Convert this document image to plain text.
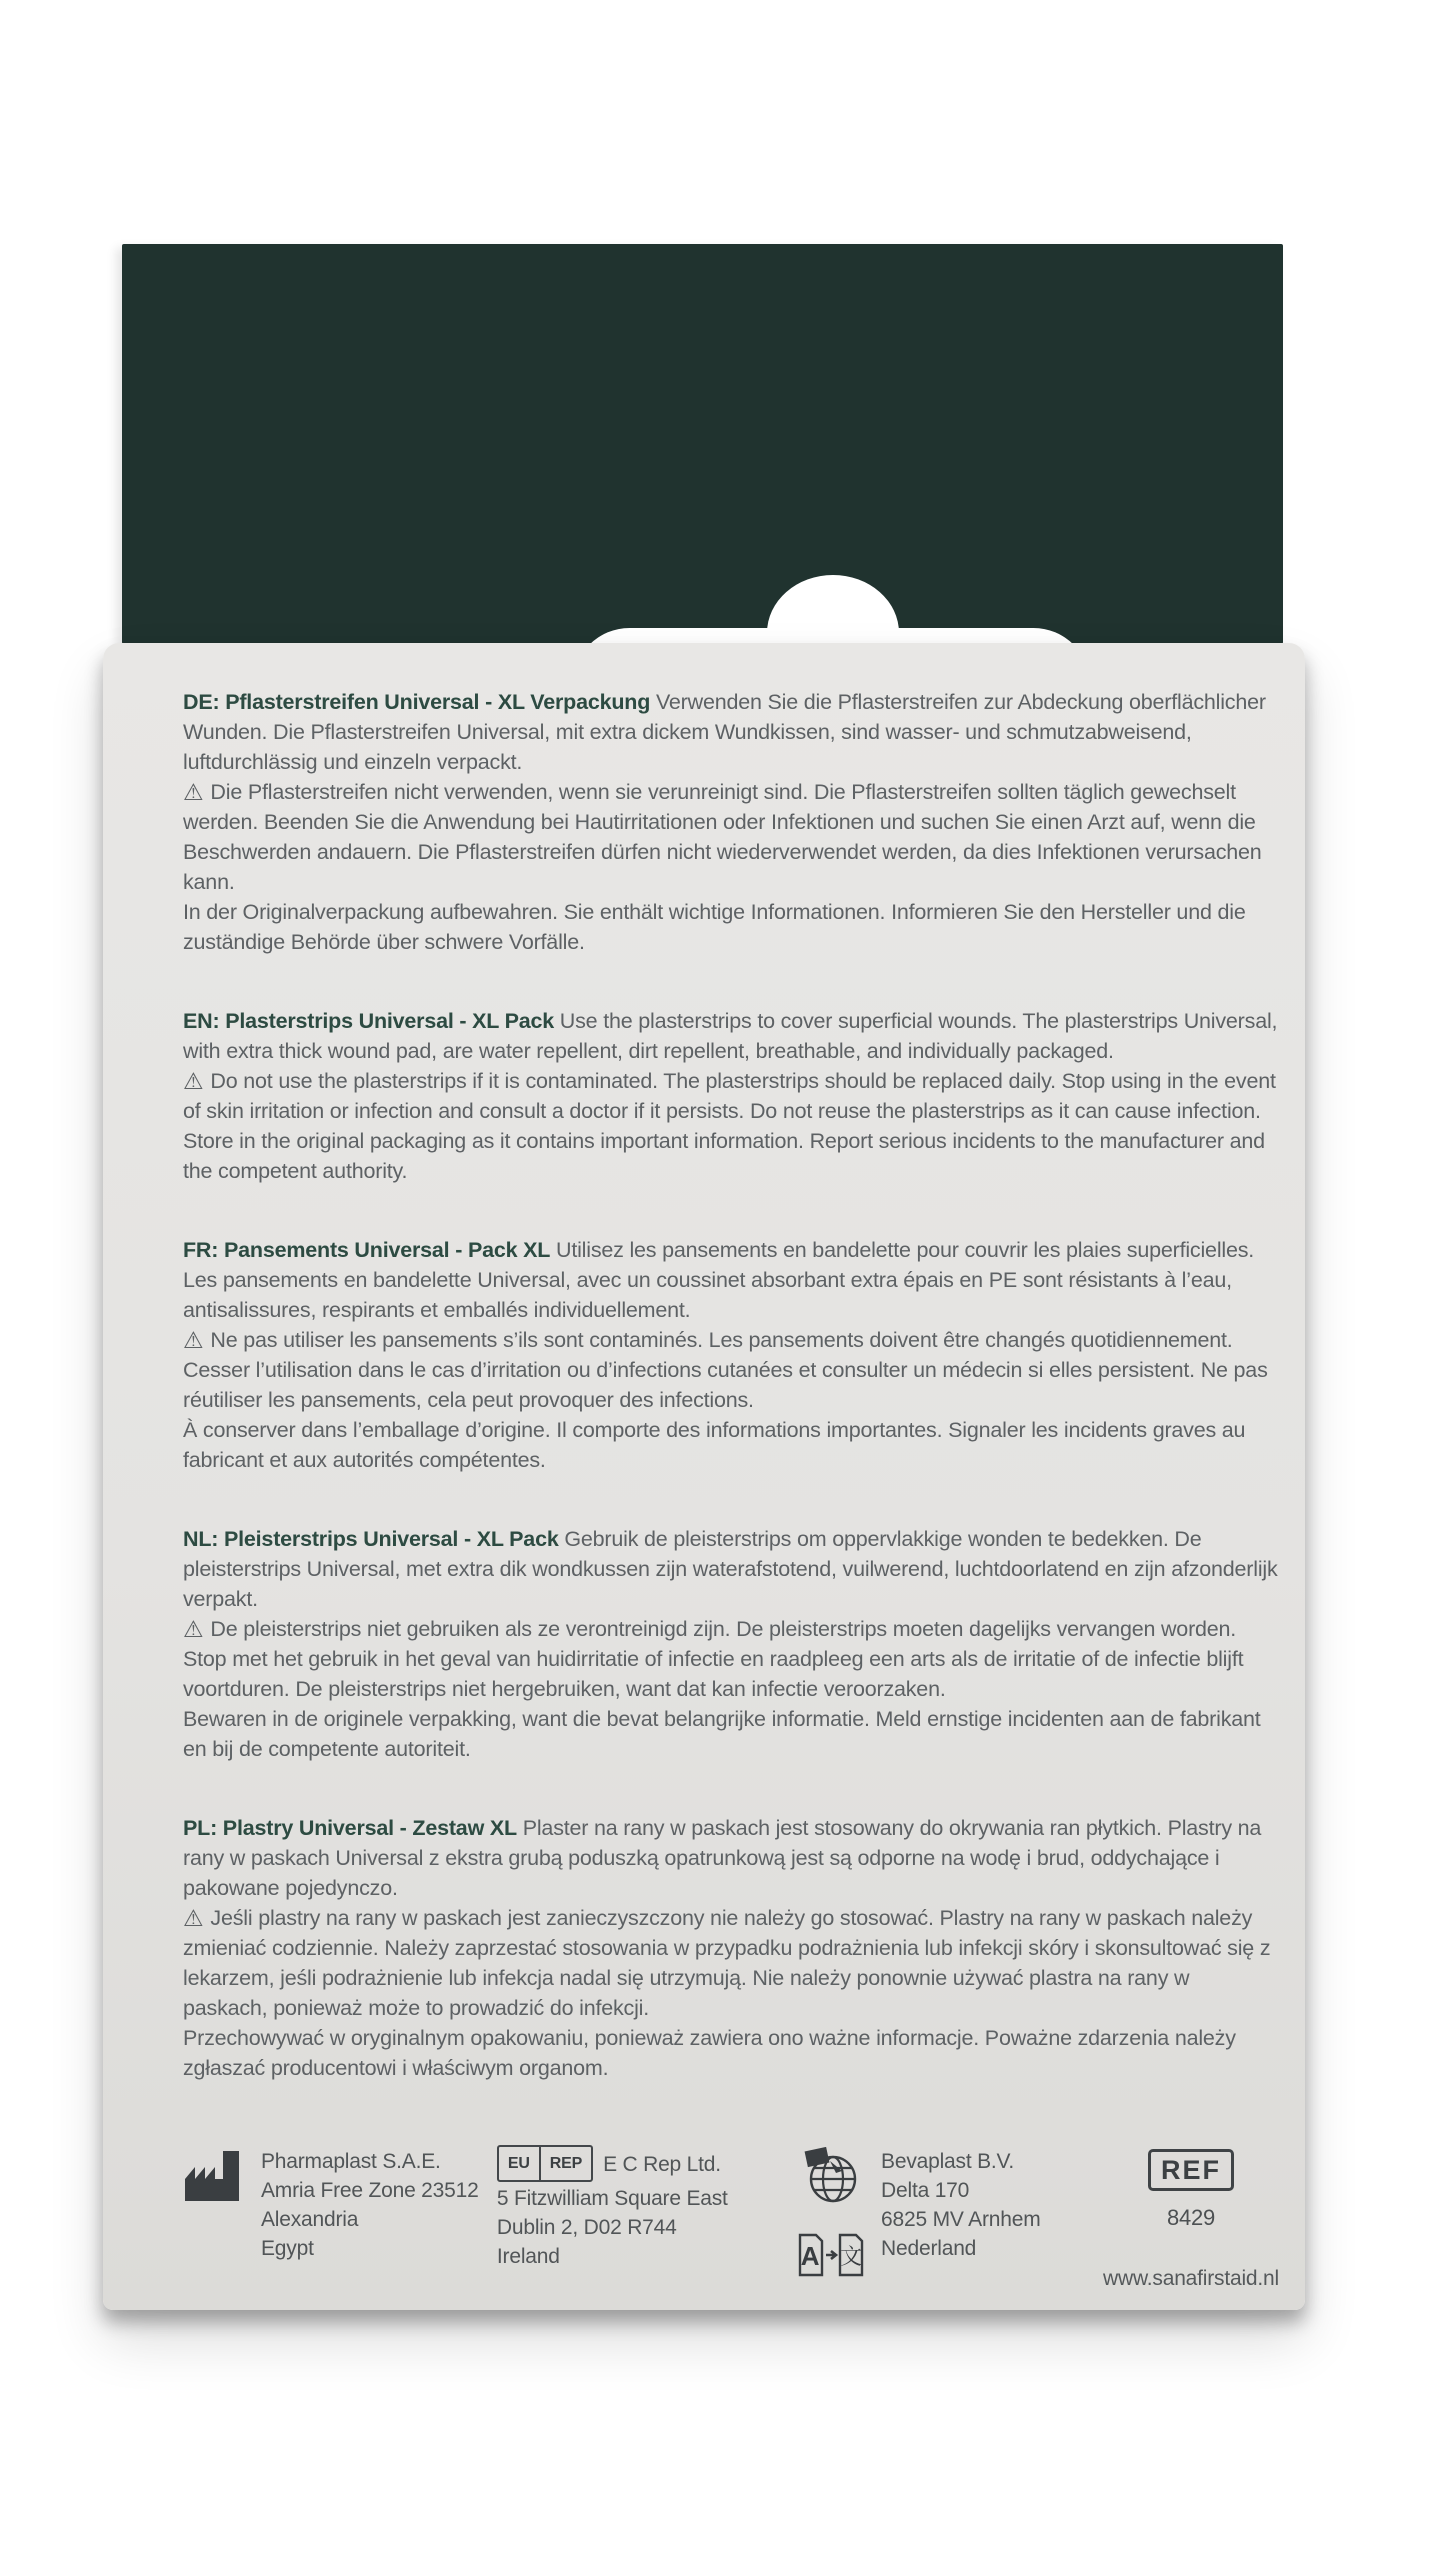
DE: Pflasterstreifen Universal - XL Verpackung Verwenden Sie die Pflasterstreifen zur Abdeckung oberflächlicher Wunden. Die Pflasterstreifen Universal, mit extra dickem Wundkissen, sind wasser- und schmutzabweisend, luftdurchlässig und einzeln verpackt.

⚠ Die Pflasterstreifen nicht verwenden, wenn sie verunreinigt sind. Die Pflasterstreifen sollten täglich gewechselt werden. Beenden Sie die Anwendung bei Hautirritationen oder Infektionen und suchen Sie einen Arzt auf, wenn die Beschwerden andauern. Die Pflasterstreifen dürfen nicht wiederverwendet werden, da dies Infektionen verursachen kann.

In der Originalverpackung aufbewahren. Sie enthält wichtige Informationen. Informieren Sie den Hersteller und die zuständige Behörde über schwere Vorfälle.

EN: Plasterstrips Universal - XL Pack Use the plasterstrips to cover superficial wounds. The plasterstrips Universal, with extra thick wound pad, are water repellent, dirt repellent, breathable, and individually packaged.

⚠ Do not use the plasterstrips if it is contaminated. The plasterstrips should be replaced daily. Stop using in the event of skin irritation or infection and consult a doctor if it persists. Do not reuse the plasterstrips as it can cause infection.

Store in the original packaging as it contains important information. Report serious incidents to the manufacturer and the competent authority.

FR: Pansements Universal - Pack XL Utilisez les pansements en bandelette pour couvrir les plaies superficielles. Les pansements en bandelette Universal, avec un coussinet absorbant extra épais en PE sont résistants à l’eau, antisalissures, respirants et emballés individuellement.

⚠ Ne pas utiliser les pansements s’ils sont contaminés. Les pansements doivent être changés quotidiennement. Cesser l’utilisation dans le cas d’irritation ou d’infections cutanées et consulter un médecin si elles persistent. Ne pas réutiliser les pansements, cela peut provoquer des infections.

À conserver dans l’emballage d’origine. Il comporte des informations importantes. Signaler les incidents graves au fabricant et aux autorités compétentes.

NL: Pleisterstrips Universal - XL Pack Gebruik de pleisterstrips om oppervlakkige wonden te bedekken. De pleisterstrips Universal, met extra dik wondkussen zijn waterafstotend, vuilwerend, luchtdoorlatend en zijn afzonderlijk verpakt.

⚠ De pleisterstrips niet gebruiken als ze verontreinigd zijn. De pleisterstrips moeten dagelijks vervangen worden. Stop met het gebruik in het geval van huidirritatie of infectie en raadpleeg een arts als de irritatie of de infectie blijft voortduren. De pleisterstrips niet hergebruiken, want dat kan infectie veroorzaken.

Bewaren in de originele verpakking, want die bevat belangrijke informatie. Meld ernstige incidenten aan de fabrikant en bij de competente autoriteit.

PL: Plastry Universal - Zestaw XL Plaster na rany w paskach jest stosowany do okrywania ran płytkich. Plastry na rany w paskach Universal z ekstra grubą poduszką opatrunkową jest są odporne na wodę i brud, oddychające i pakowane pojedynczo.

⚠ Jeśli plastry na rany w paskach jest zanieczyszczony nie należy go stosować. Plastry na rany w paskach należy zmieniać codziennie. Należy zaprzestać stosowania w przypadku podrażnienia lub infekcji skóry i skonsultować się z lekarzem, jeśli podrażnienie lub infekcja nadal się utrzymują. Nie należy ponownie używać plastra na rany w paskach, ponieważ może to prowadzić do infekcji.

Przechowywać w oryginalnym opakowaniu, ponieważ zawiera ono ważne informacje. Poważne zdarzenia należy zgłaszać producentowi i właściwym organom.

Pharmaplast S.A.E.
Amria Free Zone 23512
Alexandria
Egypt
EU	REP	E C Rep Ltd.
5 Fitzwilliam Square East
Dublin 2, D02 R744
Ireland	A 文
Bevaplast B.V.
Delta 170
6825 MV Arnhem
Nederland
REF
8429
www.sanafirstaid.nl
